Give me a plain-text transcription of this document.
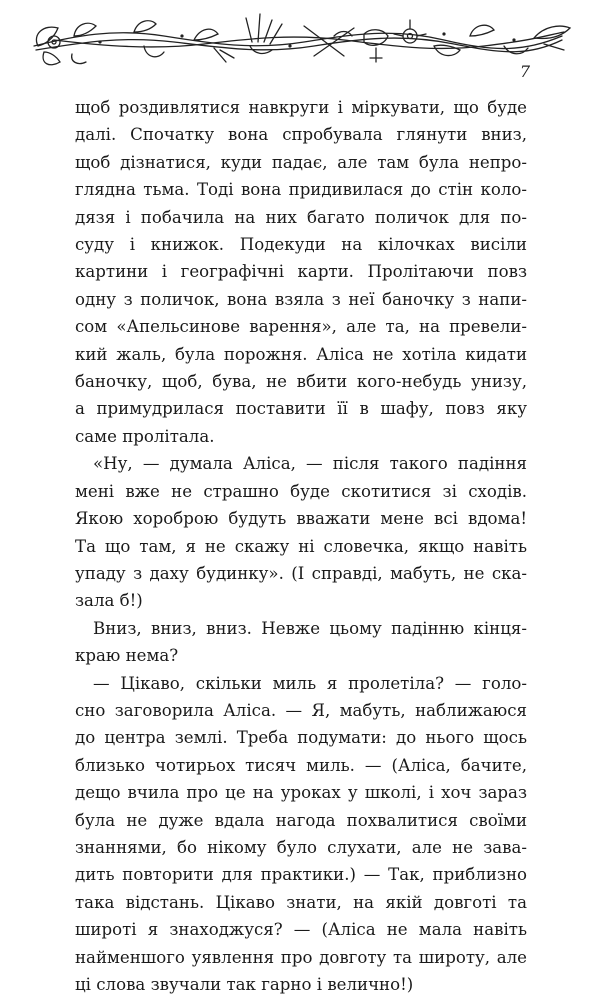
7
щоб роздивлятися навкруги і міркувати, що буде
далі. Спочатку вона спробувала глянути вниз,
щоб дізнатися, куди падає, але там була непро-
глядна тьма. Тоді вона придивилася до стін коло-
дязя і побачила на них багато поличок для по-
суду і книжок. Подекуди на кілочках висіли
картини і географічні карти. Пролітаючи повз
одну з поличок, вона взяла з неї баночку з напи-
сом «Апельсинове варення», але та, на превели-
кий жаль, була порожня. Аліса не хотіла кидати
баночку, щоб, бува, не вбити кого-небудь унизу,
а примудрилася поставити її в шафу, повз яку
саме пролітала.
«Ну, — думала Аліса, — після такого падіння
мені вже не страшно буде скотитися зі сходів.
Якою хороброю будуть вважати мене всі вдома!
Та що там, я не скажу ні словечка, якщо навіть
упаду з даху будинку». (І справді, мабуть, не ска-
зала б!)
Вниз, вниз, вниз. Невже цьому падінню кінця-
краю нема?
— Цікаво, скільки миль я пролетіла? — голо-
сно заговорила Аліса. — Я, мабуть, наближаюся
до центра землі. Треба подумати: до нього щось
близько чотирьох тисяч миль. — (Аліса, бачите,
дещо вчила про це на уроках у школі, і хоч зараз
була не дуже вдала нагода похвалитися своїми
знаннями, бо нікому було слухати, але не зава-
дить повторити для практики.) — Так, приблизно
така відстань. Цікаво знати, на якій довготі та
широті я знаходжуся? — (Аліса не мала навіть
найменшого уявлення про довготу та широту, але
ці слова звучали так гарно і велично!)
